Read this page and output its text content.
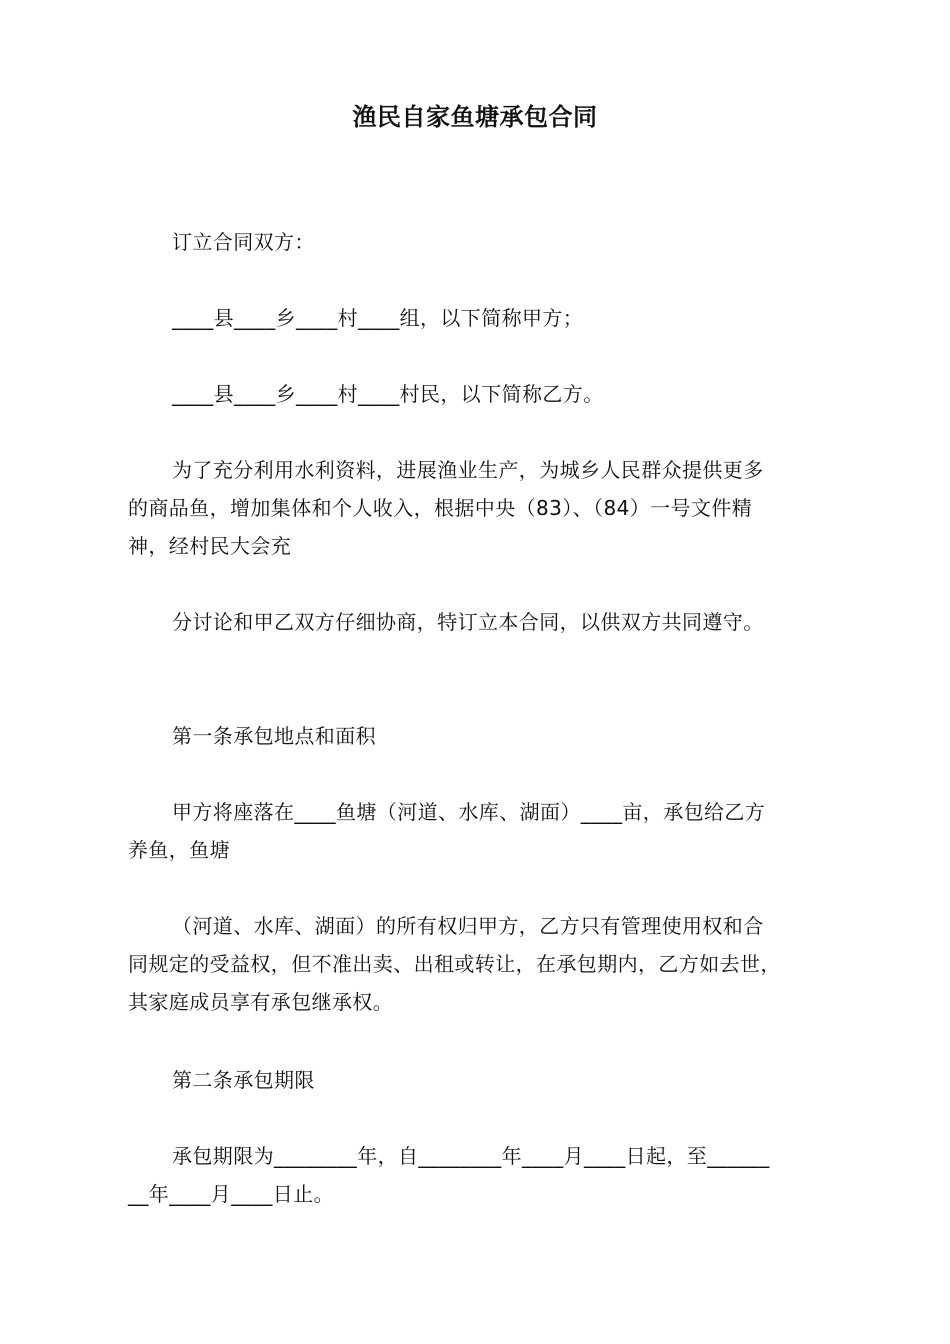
渔民自家鱼塘承包合同
订立合同双方：
____县____乡____村____组，以下简称甲方；
____县____乡____村____村民，以下简称乙方。
为了充分利用水利资料，进展渔业生产，为城乡人民群众提供更多
的商品鱼，增加集体和个人收入，根据中央（83）、（84）一号文件精
神，经村民大会充
分讨论和甲乙双方仔细协商，特订立本合同，以供双方共同遵守。
第一条承包地点和面积
甲方将座落在____鱼塘（河道、水库、湖面）____亩，承包给乙方
养鱼，鱼塘
（河道、水库、湖面）的所有权归甲方，乙方只有管理使用权和合
同规定的受益权，但不准出卖、出租或转让，在承包期内，乙方如去世，
其家庭成员享有承包继承权。
第二条承包期限
承包期限为________年，自________年____月____日起，至______
__年____月____日止。
